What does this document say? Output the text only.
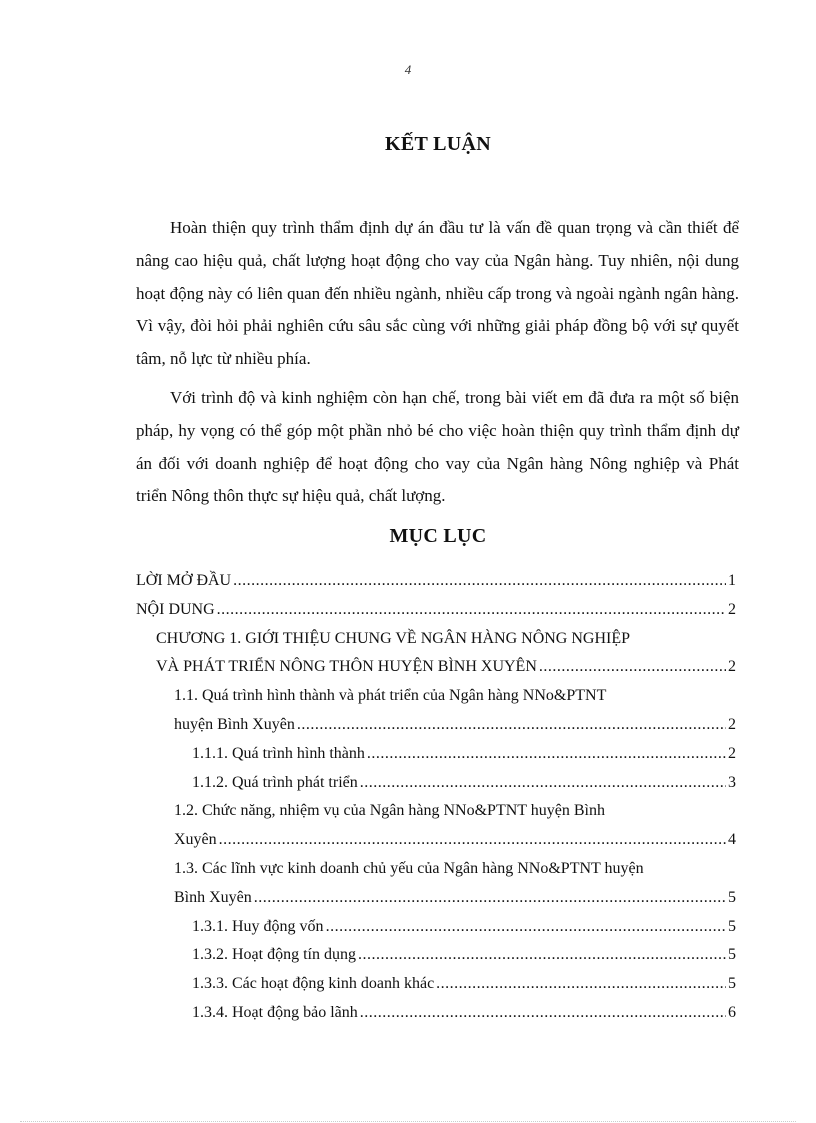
4
KẾT LUẬN

Hoàn thiện quy trình thẩm định dự án đầu tư là vấn đề quan trọng và cần thiết để nâng cao hiệu quả, chất lượng hoạt động cho vay của Ngân hàng. Tuy nhiên, nội dung hoạt động này có liên quan đến nhiều ngành, nhiều cấp trong và ngoài ngành ngân hàng. Vì vậy, đòi hỏi phải nghiên cứu sâu sắc cùng với những giải pháp đồng bộ với sự quyết tâm, nỗ lực từ nhiều phía.

Với trình độ và kinh nghiệm còn hạn chế, trong bài viết em đã đưa ra một số biện pháp, hy vọng có thể góp một phần nhỏ bé cho việc hoàn thiện quy trình thẩm định dự án đối với doanh nghiệp để hoạt động cho vay của Ngân hàng Nông nghiệp và Phát triển Nông thôn thực sự hiệu quả, chất lượng.

MỤC LỤC
LỜI MỞ ĐẦU .....	1
NỘI DUNG .....	2
CHƯƠNG 1. GIỚI THIỆU CHUNG VỀ NGÂN HÀNG NÔNG NGHIỆP
VÀ PHÁT TRIỂN NÔNG THÔN HUYỆN BÌNH XUYÊN .....	2
1.1. Quá trình hình thành và phát triển của Ngân hàng NNo&PTNT
huyện Bình Xuyên .....	2
1.1.1. Quá trình hình thành .....	2
1.1.2. Quá trình phát triển .....	3
1.2. Chức năng, nhiệm vụ của Ngân hàng NNo&PTNT huyện Bình
Xuyên .....	4
1.3. Các lĩnh vực kinh doanh chủ yếu của Ngân hàng NNo&PTNT huyện
Bình Xuyên .....	5
1.3.1. Huy động vốn .....	5
1.3.2. Hoạt động tín dụng .....	5
1.3.3. Các hoạt động kinh doanh khác .....	5
1.3.4. Hoạt động bảo lãnh .....	6
